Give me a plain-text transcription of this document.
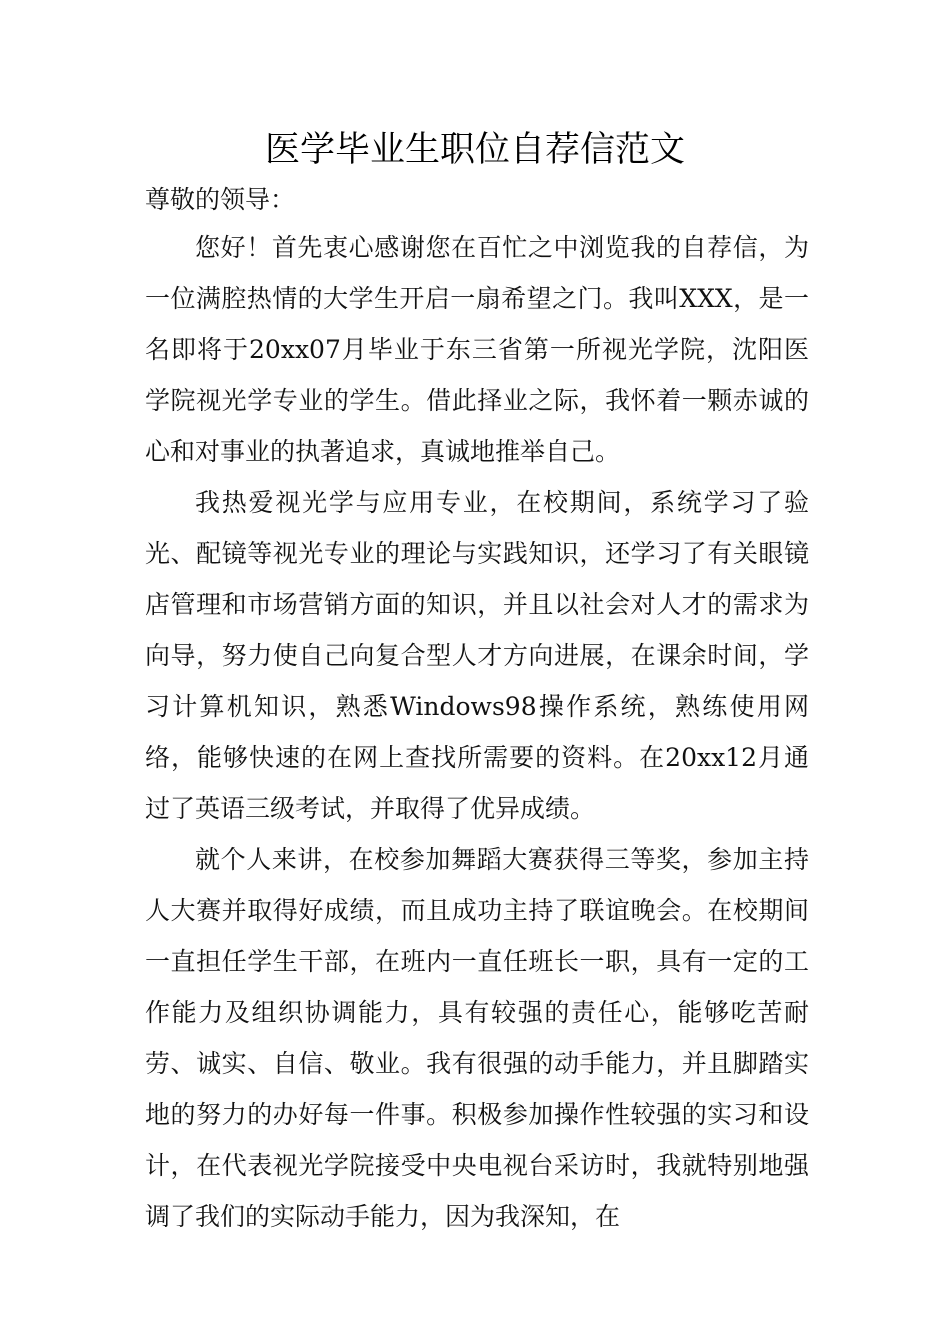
医学毕业生职位自荐信范文

尊敬的领导：

您好！首先衷心感谢您在百忙之中浏览我的自荐信，为一位满腔热情的大学生开启一扇希望之门。我叫XXX，是一名即将于20xx07月毕业于东三省第一所视光学院，沈阳医学院视光学专业的学生。借此择业之际，我怀着一颗赤诚的心和对事业的执著追求，真诚地推举自己。

我热爱视光学与应用专业，在校期间，系统学习了验光、配镜等视光专业的理论与实践知识，还学习了有关眼镜店管理和市场营销方面的知识，并且以社会对人才的需求为向导，努力使自己向复合型人才方向进展，在课余时间，学习计算机知识，熟悉Windows98操作系统，熟练使用网络，能够快速的在网上查找所需要的资料。在20xx12月通过了英语三级考试，并取得了优异成绩。

就个人来讲，在校参加舞蹈大赛获得三等奖，参加主持人大赛并取得好成绩，而且成功主持了联谊晚会。在校期间一直担任学生干部，在班内一直任班长一职，具有一定的工作能力及组织协调能力，具有较强的责任心，能够吃苦耐劳、诚实、自信、敬业。我有很强的动手能力，并且脚踏实地的努力的办好每一件事。积极参加操作性较强的实习和设计，在代表视光学院接受中央电视台采访时，我就特别地强调了我们的实际动手能力，因为我深知，在
